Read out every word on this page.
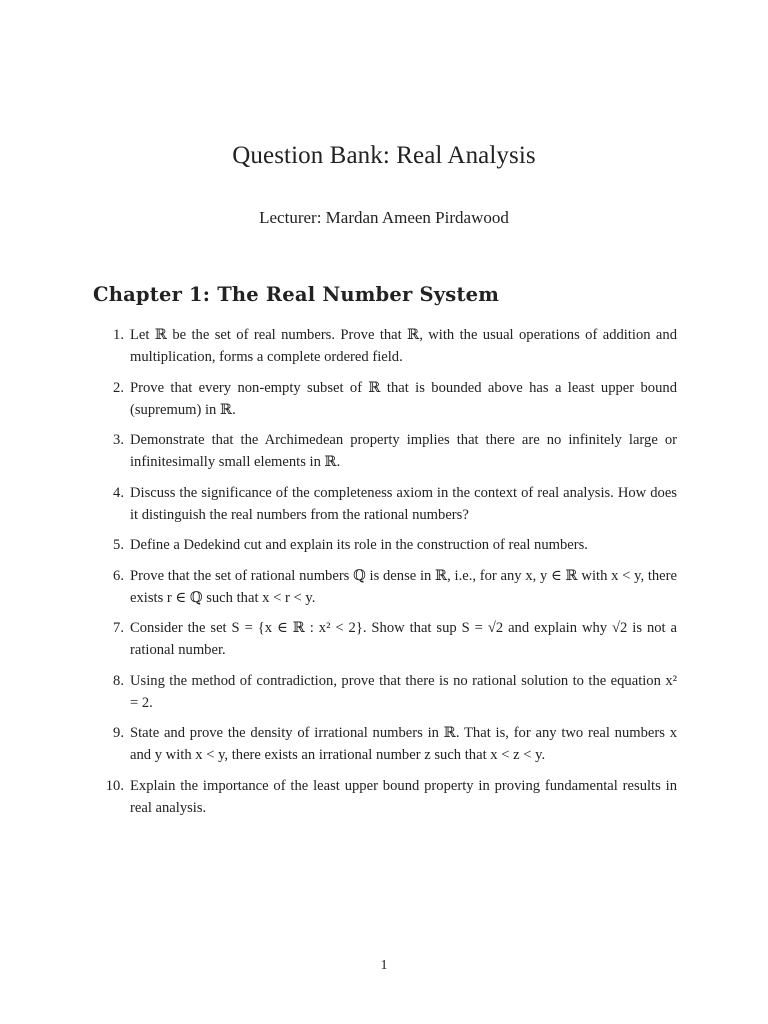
Question Bank: Real Analysis

Lecturer: Mardan Ameen Pirdawood

Chapter 1: The Real Number System
1. Let ℝ be the set of real numbers. Prove that ℝ, with the usual operations of addition and multiplication, forms a complete ordered field.
2. Prove that every non-empty subset of ℝ that is bounded above has a least upper bound (supremum) in ℝ.
3. Demonstrate that the Archimedean property implies that there are no infinitely large or infinitesimally small elements in ℝ.
4. Discuss the significance of the completeness axiom in the context of real analysis. How does it distinguish the real numbers from the rational numbers?
5. Define a Dedekind cut and explain its role in the construction of real numbers.
6. Prove that the set of rational numbers ℚ is dense in ℝ, i.e., for any x, y ∈ ℝ with x < y, there exists r ∈ ℚ such that x < r < y.
7. Consider the set S = {x ∈ ℝ : x² < 2}. Show that sup S = √2 and explain why √2 is not a rational number.
8. Using the method of contradiction, prove that there is no rational solution to the equation x² = 2.
9. State and prove the density of irrational numbers in ℝ. That is, for any two real numbers x and y with x < y, there exists an irrational number z such that x < z < y.
10. Explain the importance of the least upper bound property in proving fundamental results in real analysis.
1
